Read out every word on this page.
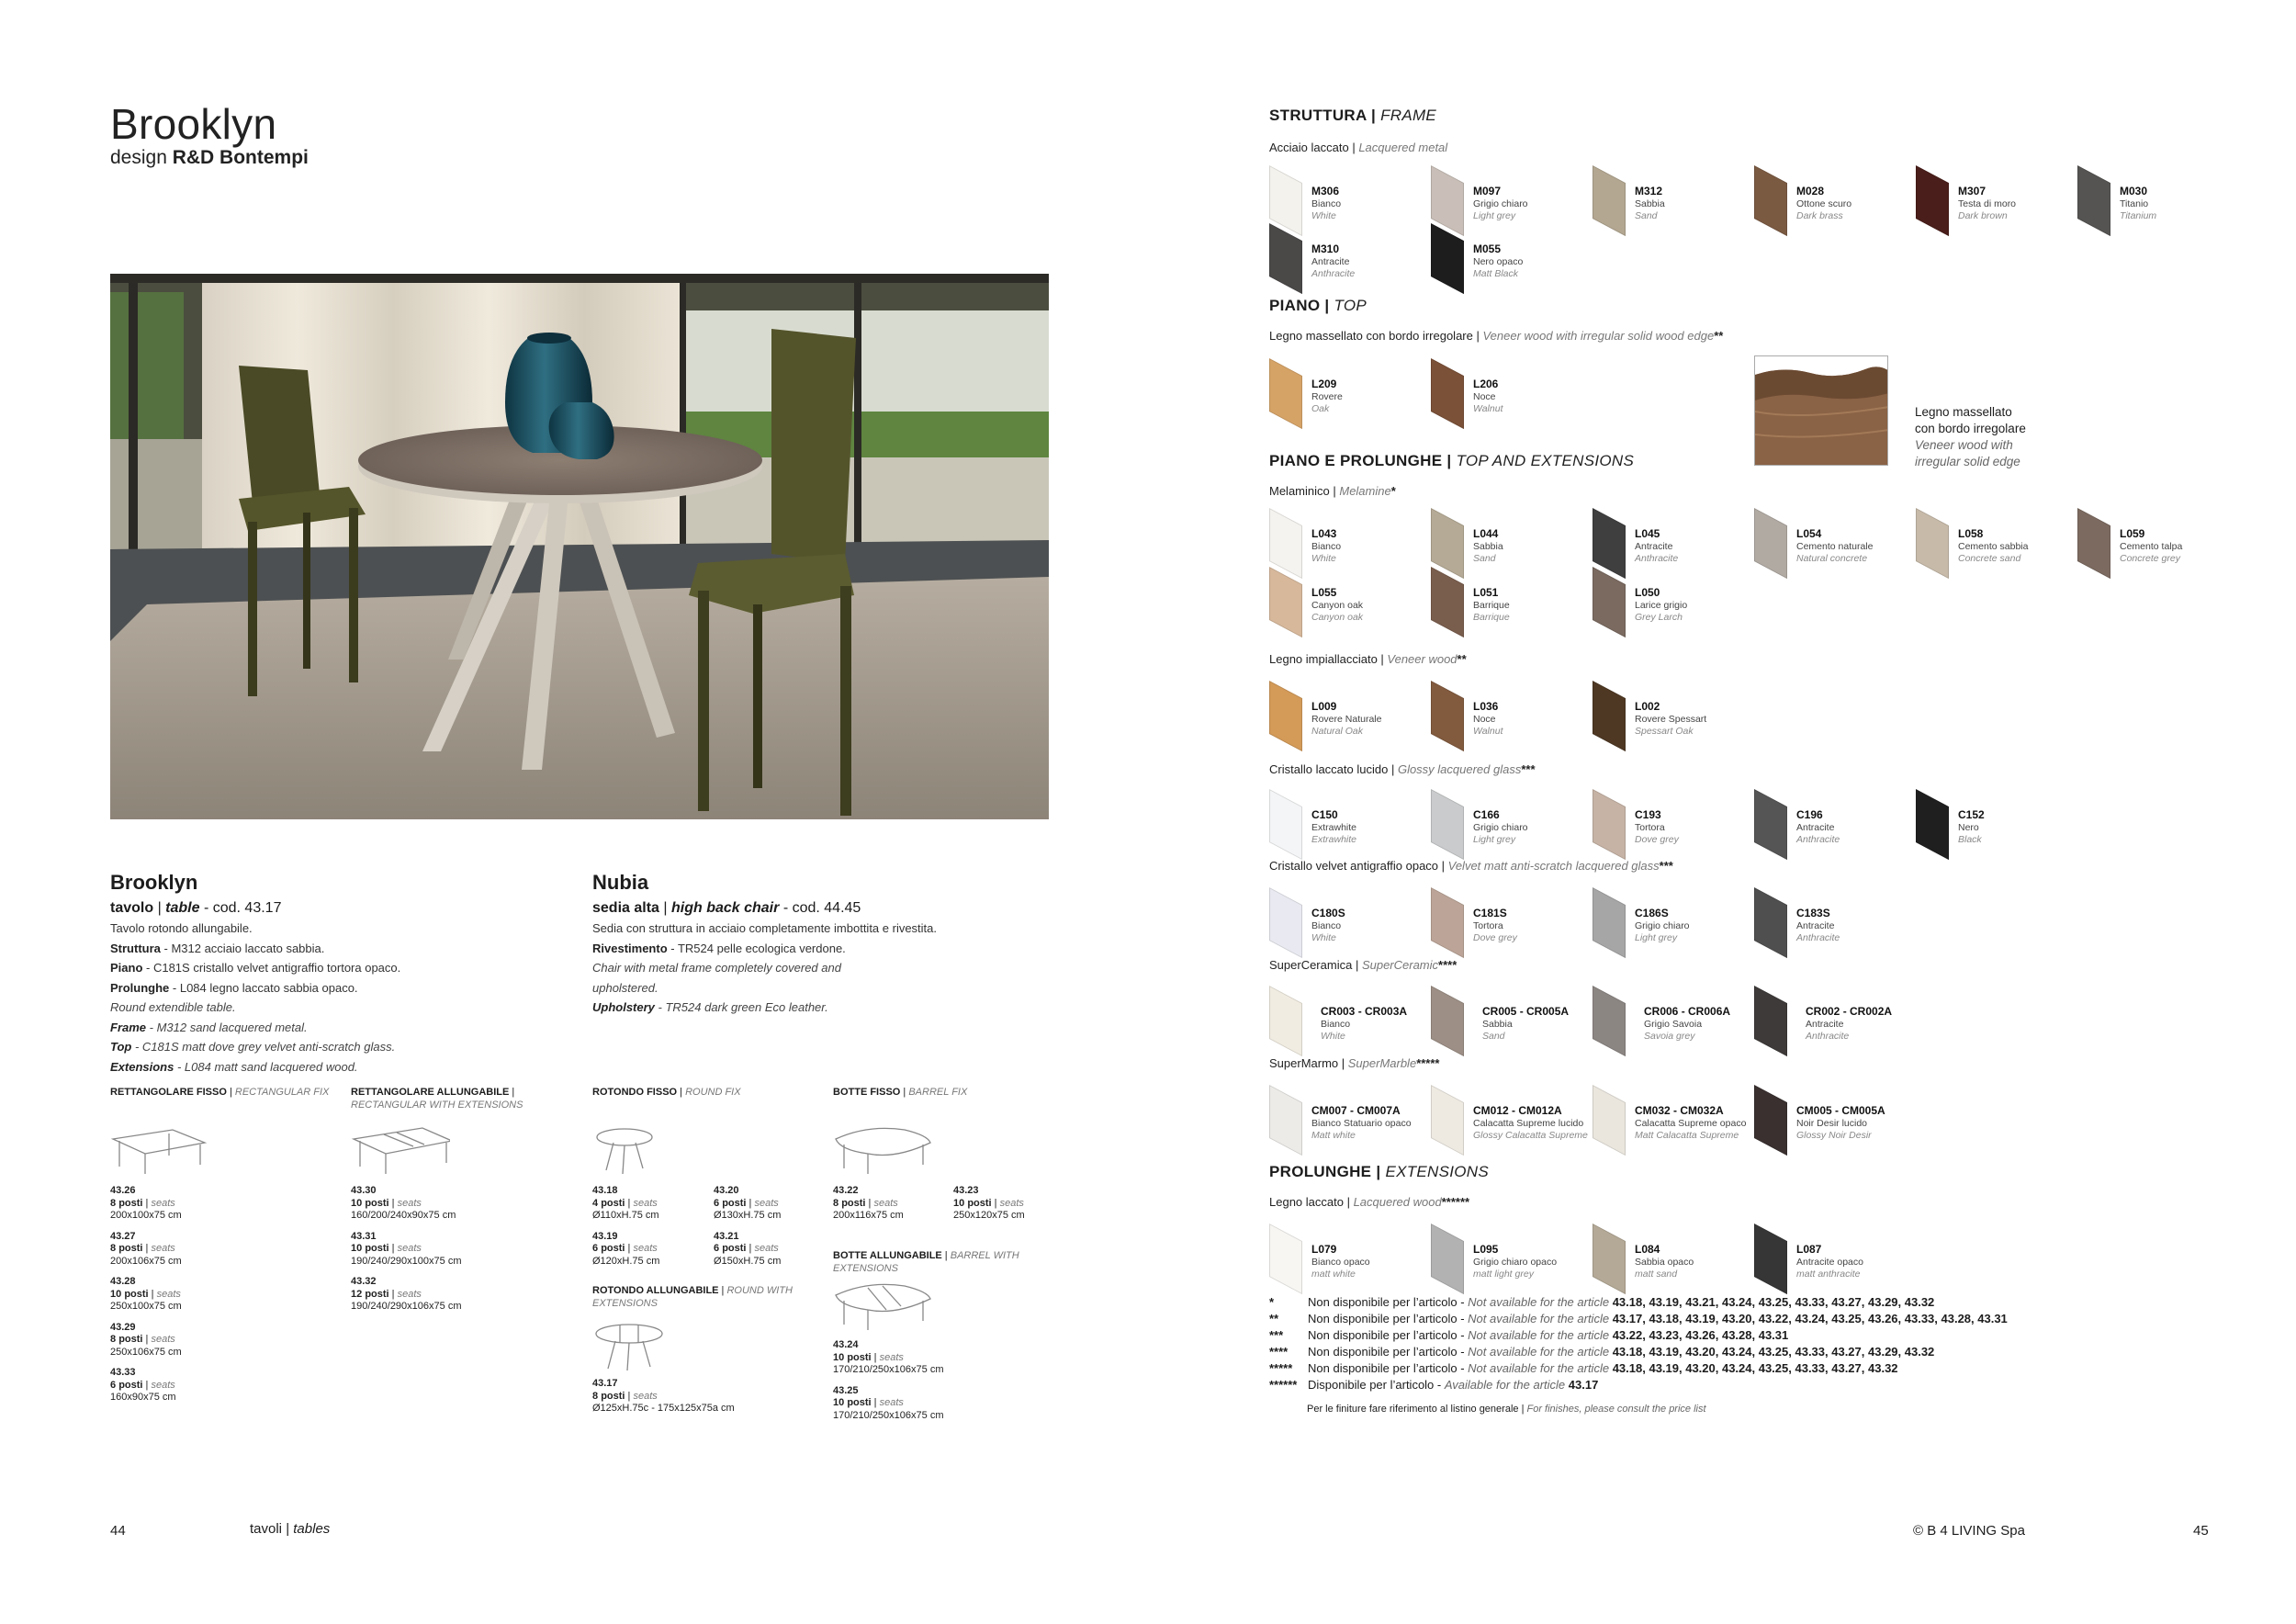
Brooklyn
design R&D Bontempi
Brooklyn
tavolo | table - cod. 43.17
Tavolo rotondo allungabile.
Struttura - M312 acciaio laccato sabbia.
Piano - C181S cristallo velvet antigraffio tortora opaco.
Prolunghe - L084 legno laccato sabbia opaco.
Round extendible table.
Frame - M312 sand lacquered metal.
Top - C181S matt dove grey velvet anti-scratch glass.
Extensions - L084 matt sand lacquered wood.
Nubia
sedia alta | high back chair - cod. 44.45
Sedia con struttura in acciaio completamente imbottita e rivestita.
Rivestimento - TR524 pelle ecologica verdone.
Chair with metal frame completely covered and
upholstered.
Upholstery - TR524 dark green Eco leather.
RETTANGOLARE FISSO | RECTANGULAR FIX
43.26
8 posti | seats
200x100x75 cm
43.27
8 posti | seats
200x106x75 cm
43.28
10 posti | seats
250x100x75 cm
43.29
8 posti | seats
250x106x75 cm
43.33
6 posti | seats
160x90x75 cm
RETTANGOLARE ALLUNGABILE |
RECTANGULAR WITH EXTENSIONS
43.30
10 posti | seats
160/200/240x90x75 cm
43.31
10 posti | seats
190/240/290x100x75 cm
43.32
12 posti | seats
190/240/290x106x75 cm
ROTONDO FISSO | ROUND FIX
43.18
4 posti | seats
Ø110xH.75 cm
43.19
6 posti | seats
Ø120xH.75 cm
43.20
6 posti | seats
Ø130xH.75 cm
43.21
6 posti | seats
Ø150xH.75 cm
ROTONDO ALLUNGABILE | ROUND WITH
EXTENSIONS
43.17
8 posti | seats
Ø125xH.75c - 175x125x75a cm
BOTTE FISSO | BARREL FIX
43.22
8 posti | seats
200x116x75 cm
43.23
10 posti | seats
250x120x75 cm
BOTTE ALLUNGABILE | BARREL WITH
EXTENSIONS
43.24
10 posti | seats
170/210/250x106x75 cm
43.25
10 posti | seats
170/210/250x106x75 cm
STRUTTURA | FRAME
Acciaio laccato | Lacquered metal
M306
Bianco
White
M097
Grigio chiaro
Light grey
M312
Sabbia
Sand
M028
Ottone scuro
Dark brass
M307
Testa di moro
Dark brown
M030
Titanio
Titanium
M310
Antracite
Anthracite
M055
Nero opaco
Matt Black
PIANO | TOP
Legno massellato con bordo irregolare | Veneer wood with irregular solid wood edge**
L209
Rovere
Oak
L206
Noce
Walnut
PIANO E PROLUNGHE | TOP AND EXTENSIONS
Melaminico | Melamine*
L043
Bianco
White
L044
Sabbia
Sand
L045
Antracite
Anthracite
L054
Cemento naturale
Natural concrete
L058
Cemento sabbia
Concrete sand
L059
Cemento talpa
Concrete grey
L055
Canyon oak
Canyon oak
L051
Barrique
Barrique
L050
Larice grigio
Grey Larch
Legno impiallacciato | Veneer wood**
L009
Rovere Naturale
Natural Oak
L036
Noce
Walnut
L002
Rovere Spessart
Spessart Oak
Cristallo laccato lucido | Glossy lacquered glass***
C150
Extrawhite
Extrawhite
C166
Grigio chiaro
Light grey
C193
Tortora
Dove grey
C196
Antracite
Anthracite
C152
Nero
Black
Cristallo velvet antigraffio opaco | Velvet matt anti-scratch lacquered glass***
C180S
Bianco
White
C181S
Tortora
Dove grey
C186S
Grigio chiaro
Light grey
C183S
Antracite
Anthracite
SuperCeramica | SuperCeramic****
CR003 - CR003A
Bianco
White
CR005 - CR005A
Sabbia
Sand
CR006 - CR006A
Grigio Savoia
Savoia grey
CR002 - CR002A
Antracite
Anthracite
SuperMarmo | SuperMarble*****
CM007 - CM007A
Bianco Statuario opaco
Matt white
CM012 - CM012A
Calacatta Supreme lucido
Glossy Calacatta Supreme
CM032 - CM032A
Calacatta Supreme opaco
Matt Calacatta Supreme
CM005 - CM005A
Noir Desir lucido
Glossy Noir Desir
PROLUNGHE | EXTENSIONS
Legno laccato | Lacquered wood******
L079
Bianco opaco
matt white
L095
Grigio chiaro opaco
matt light grey
L084
Sabbia opaco
matt sand
L087
Antracite opaco
matt anthracite
Legno massellato
con bordo irregolare
Veneer wood with
irregular solid edge
*	Non disponibile per l’articolo - Not available for the article 43.18, 43.19, 43.21, 43.24, 43.25, 43.33, 43.27, 43.29, 43.32
** Non disponibile per l’articolo - Not available for the article 43.17, 43.18, 43.19, 43.20, 43.22, 43.24, 43.25, 43.26, 43.33, 43.28, 43.31
*** Non disponibile per l’articolo - Not available for the article 43.22, 43.23, 43.26, 43.28, 43.31
**** Non disponibile per l’articolo - Not available for the article 43.18, 43.19, 43.20, 43.24, 43.25, 43.33, 43.27, 43.29, 43.32
***** Non disponibile per l’articolo - Not available for the article 43.18, 43.19, 43.20, 43.24, 43.25, 43.33, 43.27, 43.32
****** Disponibile per l’articolo - Available for the article 43.17
Per le finiture fare riferimento al listino generale | For finishes, please consult the price list
44	tavoli | tables	© B 4 LIVING Spa	45
